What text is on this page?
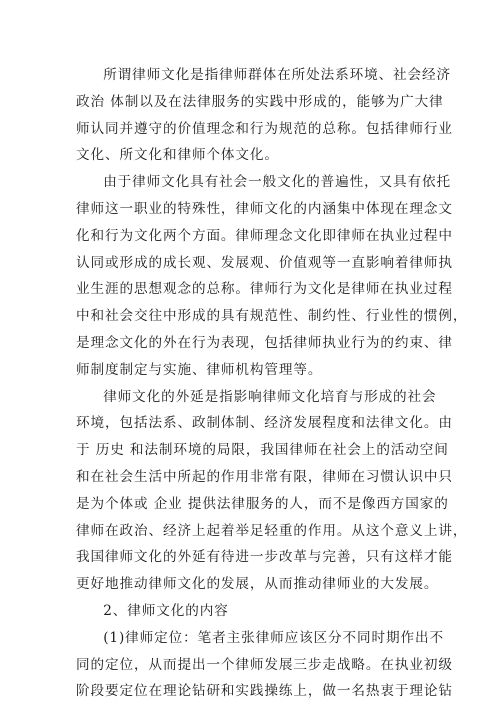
所谓律师文化是指律师群体在所处法系环境、社会经济
政治 体制以及在法律服务的实践中形成的，能够为广大律
师认同并遵守的价值理念和行为规范的总称。包括律师行业
文化、所文化和律师个体文化。
由于律师文化具有社会一般文化的普遍性，又具有依托
律师这一职业的特殊性，律师文化的内涵集中体现在理念文
化和行为文化两个方面。律师理念文化即律师在执业过程中
认同或形成的成长观、发展观、价值观等一直影响着律师执
业生涯的思想观念的总称。律师行为文化是律师在执业过程
中和社会交往中形成的具有规范性、制约性、行业性的惯例，
是理念文化的外在行为表现，包括律师执业行为的约束、律
师制度制定与实施、律师机构管理等。
律师文化的外延是指影响律师文化培育与形成的社会
环境，包括法系、政制体制、经济发展程度和法律文化。由
于 历史 和法制环境的局限，我国律师在社会上的活动空间
和在社会生活中所起的作用非常有限，律师在习惯认识中只
是为个体或 企业 提供法律服务的人，而不是像西方国家的
律师在政治、经济上起着举足轻重的作用。从这个意义上讲，
我国律师文化的外延有待进一步改革与完善，只有这样才能
更好地推动律师文化的发展，从而推动律师业的大发展。
2、律师文化的内容
(1)律师定位：笔者主张律师应该区分不同时期作出不
同的定位，从而提出一个律师发展三步走战略。在执业初级
阶段要定位在理论钻研和实践操练上，做一名热衷于理论钻
